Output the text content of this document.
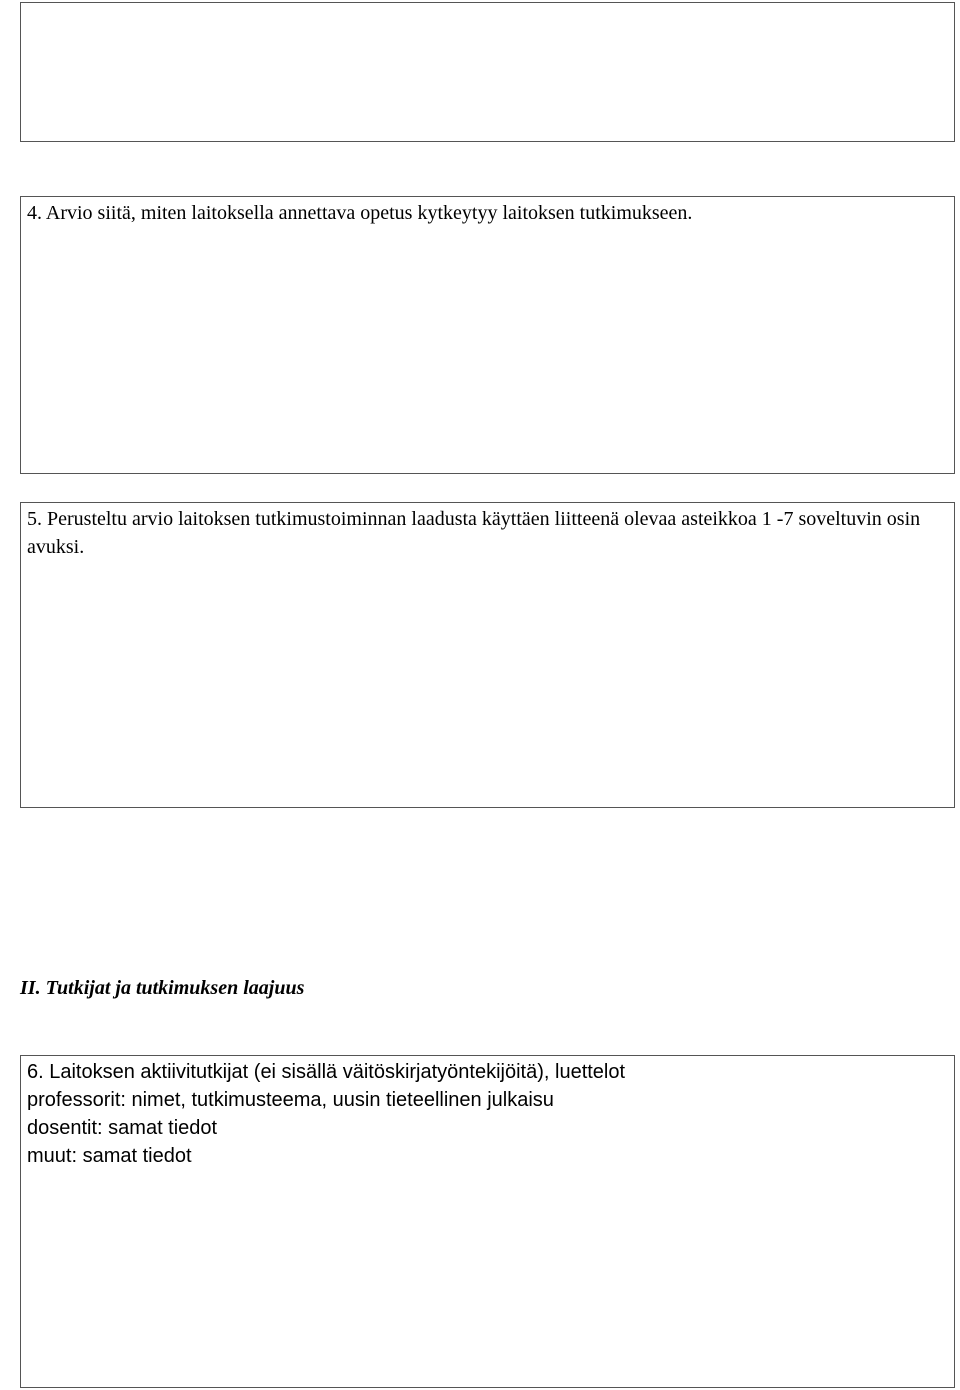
4. Arvio siitä, miten laitoksella annettava opetus kytkeytyy laitoksen tutkimukseen.

5. Perusteltu arvio laitoksen tutkimustoiminnan laadusta käyttäen liitteenä olevaa asteikkoa 1 -7 soveltuvin osin avuksi.

II. Tutkijat ja tutkimuksen laajuus
6. Laitoksen aktiivitutkijat (ei sisällä väitöskirjatyöntekijöitä), luettelot
professorit: nimet, tutkimusteema, uusin tieteellinen julkaisu
dosentit: samat tiedot
muut: samat tiedot
